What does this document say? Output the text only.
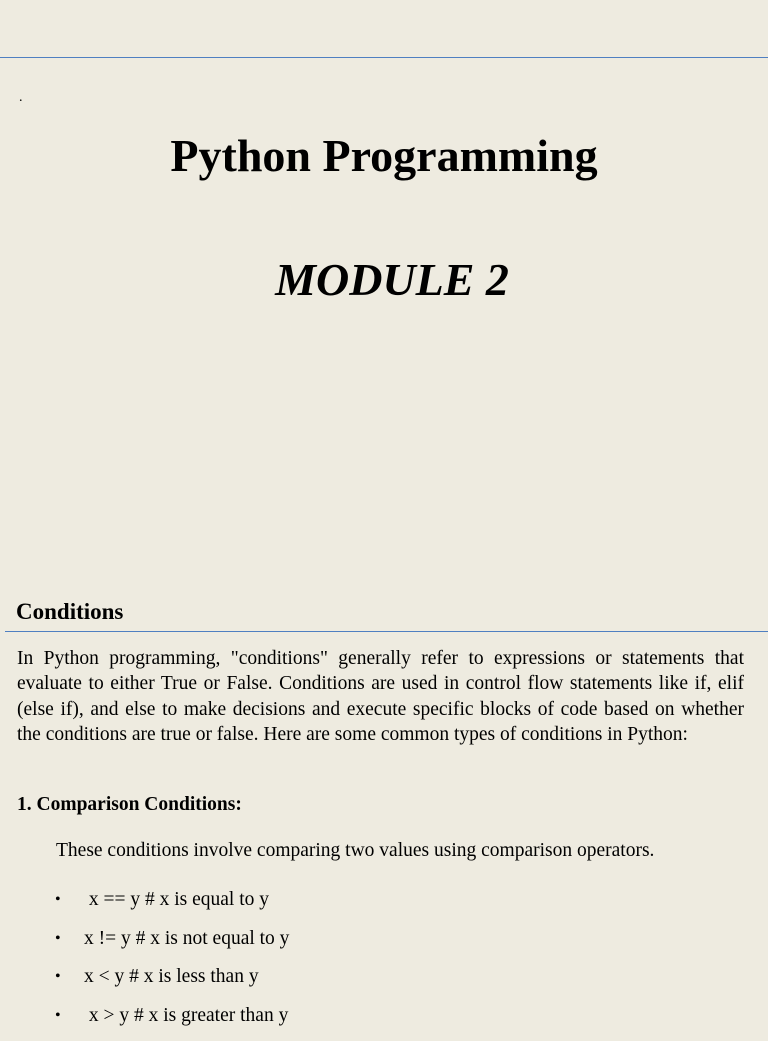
.
Python Programming
MODULE 2
Conditions

In Python programming, "conditions" generally refer to expressions or statements that evaluate to either True or False. Conditions are used in control flow statements like if, elif (else if), and else to make decisions and execute specific blocks of code based on whether the conditions are true or false. Here are some common types of conditions in Python:

1. Comparison Conditions:

These conditions involve comparing two values using comparison operators.

• x == y # x is equal to y
• x != y # x is not equal to y
• x < y # x is less than y
• x > y # x is greater than y
